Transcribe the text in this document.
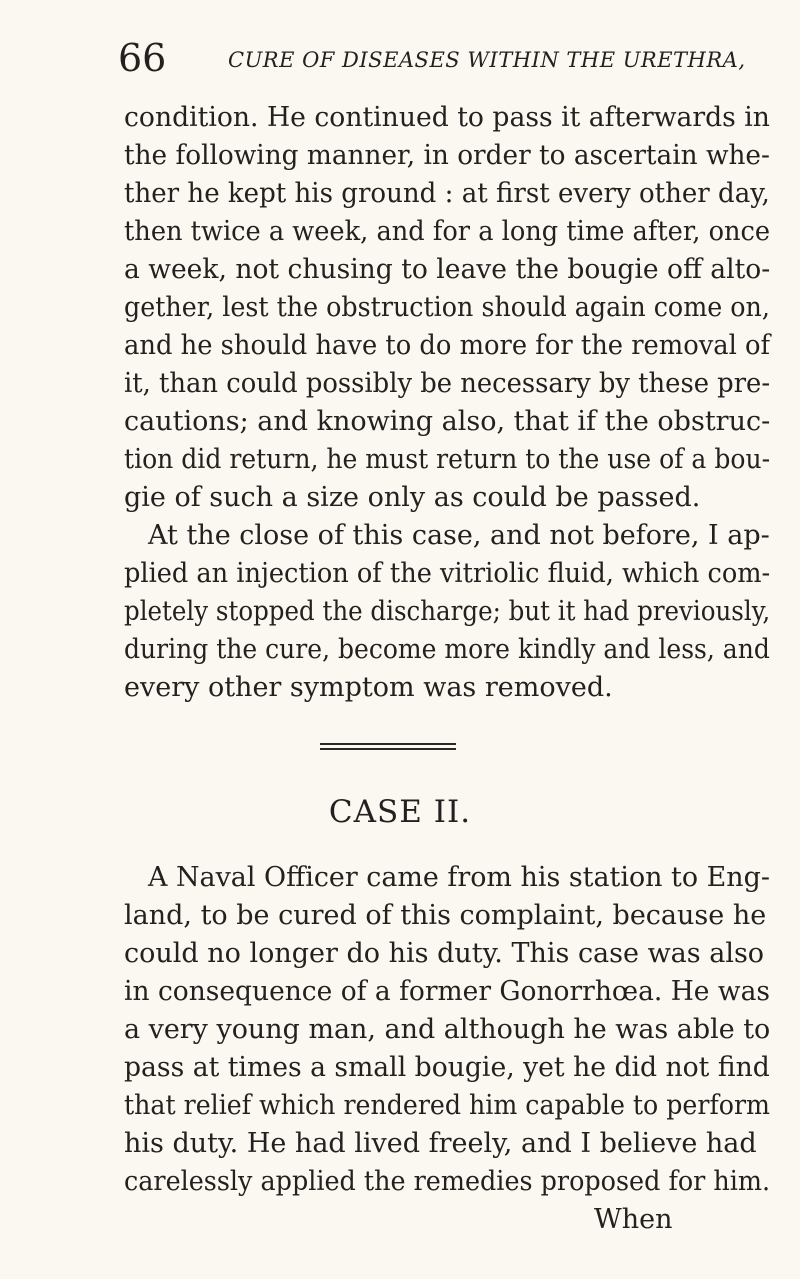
66	CURE OF DISEASES WITHIN THE URETHRA,
condition. He continued to pass it afterwards in
the following manner, in order to ascertain whe-
ther he kept his ground : at first every other day,
then twice a week, and for a long time after, once
a week, not chusing to leave the bougie off alto-
gether, lest the obstruction should again come on,
and he should have to do more for the removal of
it, than could possibly be necessary by these pre-
cautions; and knowing also, that if the obstruc-
tion did return, he must return to the use of a bou-
gie of such a size only as could be passed.
At the close of this case, and not before, I ap-
plied an injection of the vitriolic fluid, which com-
pletely stopped the discharge; but it had previously,
during the cure, become more kindly and less, and
every other symptom was removed.
CASE II.
A Naval Officer came from his station to Eng-
land, to be cured of this complaint, because he
could no longer do his duty. This case was also
in consequence of a former Gonorrhœa. He was
a very young man, and although he was able to
pass at times a small bougie, yet he did not find
that relief which rendered him capable to perform
his duty. He had lived freely, and I believe had
carelessly applied the remedies proposed for him.
When
